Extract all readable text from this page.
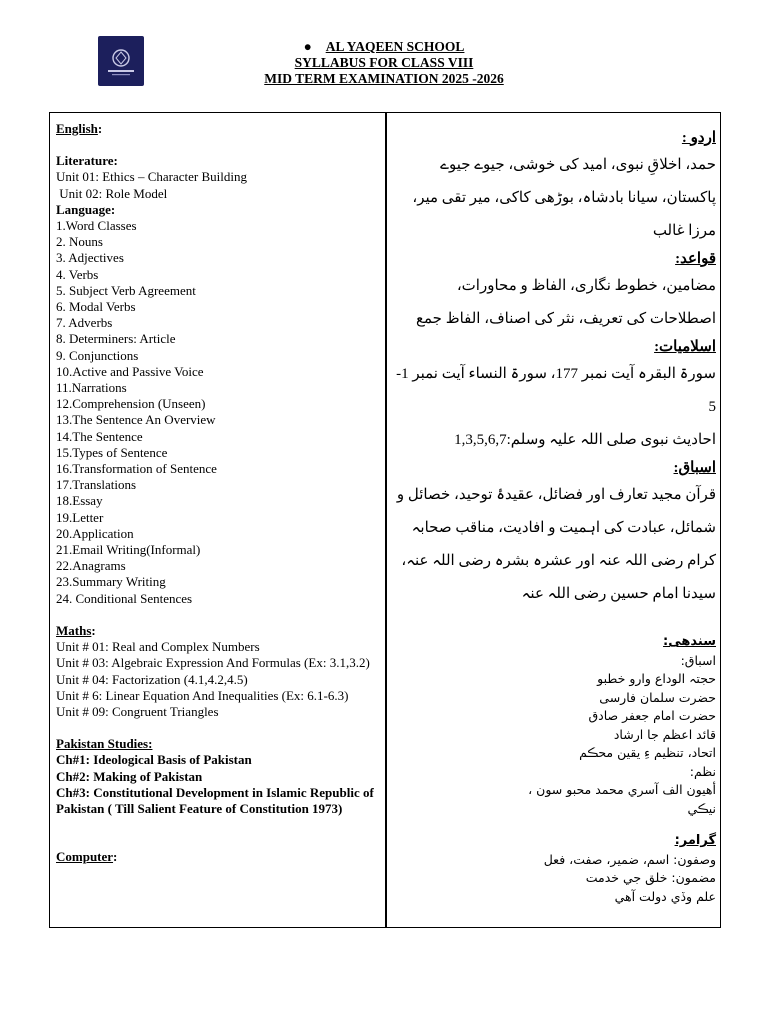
● AL YAQEEN SCHOOL
SYLLABUS FOR CLASS VIII
MID TERM EXAMINATION 2025 -2026
English:
Literature:
Unit 01: Ethics – Character Building
Unit 02: Role Model
Language:
1.Word Classes
2. Nouns
3. Adjectives
4. Verbs
5. Subject Verb Agreement
6. Modal Verbs
7. Adverbs
8. Determiners: Article
9. Conjunctions
10.Active and Passive Voice
11.Narrations
12.Comprehension (Unseen)
13.The Sentence An Overview
14.The Sentence
15.Types of Sentence
16.Transformation of Sentence
17.Translations
18.Essay
19.Letter
20.Application
21.Email Writing(Informal)
22.Anagrams
23.Summary Writing
24. Conditional Sentences
Maths:
Unit # 01: Real and Complex Numbers
Unit # 03: Algebraic Expression And Formulas (Ex: 3.1,3.2)
Unit # 04: Factorization (4.1,4.2,4.5)
Unit # 6: Linear Equation And Inequalities (Ex: 6.1-6.3)
Unit # 09: Congruent Triangles
Pakistan Studies:
Ch#1: Ideological Basis of Pakistan
Ch#2: Making of Pakistan
Ch#3: Constitutional Development in Islamic Republic of Pakistan ( Till Salient Feature of Constitution 1973)
Computer:
اردو :
حمد، اخلاقِ نبوی، امید کی خوشی، جیوے جیوے پاکستان، سیانا بادشاہ، بوڑھی کاکی، میر تقی میر، مرزا غالب
قواعد:
مضامین، خطوط نگاری، الفاظ و محاورات، اصطلاحات کی تعریف، نثر کی اصناف، الفاظ جمع
اسلامیات:
سورۃ البقرہ آیت نمبر 177، سورۃ النساء آیت نمبر 1-5
احادیث نبوی صلی اللہ علیہ وسلم:1,3,5,6,7
اسباق:
قرآن مجید تعارف اور فضائل، عقیدۂ توحید، خصائل و شمائل، عبادت کی اہمیت و افادیت، مناقب صحابہ کرام رضی اللہ عنہ اور عشرہ بشرہ رضی اللہ عنہ، سیدنا امام حسین رضی اللہ عنہ
سندھی:
اسباق:
حجتہ الوداع وارو خطبو
حضرت سلمان فارسی
حضرت امام جعفر صادق
قائد اعظم جا ارشاد
اتحاد، تنظیم ءِ یقین محڪم
نظم:
أهيون الف آسري محمد محبو سون ،
نيڪي
گرامر:
وصفون: اسم، ضمير، صفت، فعل
مضمون: خلق جي خدمت
علم وڏي دولت آهي
